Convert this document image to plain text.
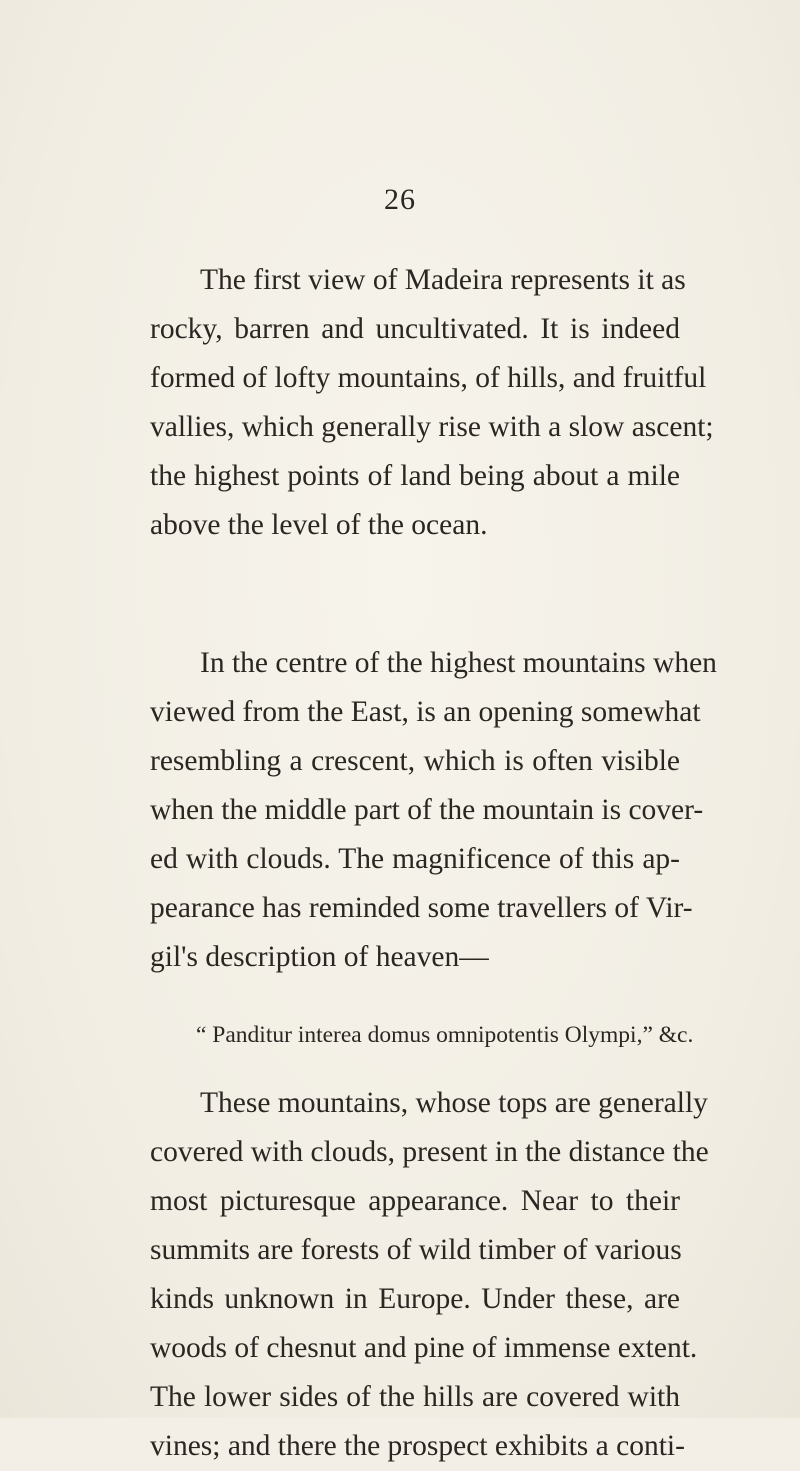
26

The first view of Madeira represents it as

rocky, barren and uncultivated. It is indeed

formed of lofty mountains, of hills, and fruitful

vallies, which generally rise with a slow ascent;

the highest points of land being about a mile

above the level of the ocean.

In the centre of the highest mountains when

viewed from the East, is an opening somewhat

resembling a crescent, which is often visible

when the middle part of the mountain is cover-

ed with clouds. The magnificence of this ap-

pearance has reminded some travellers of Vir-

gil's description of heaven—

“ Panditur interea domus omnipotentis Olympi,” &c.

These mountains, whose tops are generally

covered with clouds, present in the distance the

most picturesque appearance. Near to their

summits are forests of wild timber of various

kinds unknown in Europe. Under these, are

woods of chesnut and pine of immense extent.

The lower sides of the hills are covered with

vines; and there the prospect exhibits a conti-
